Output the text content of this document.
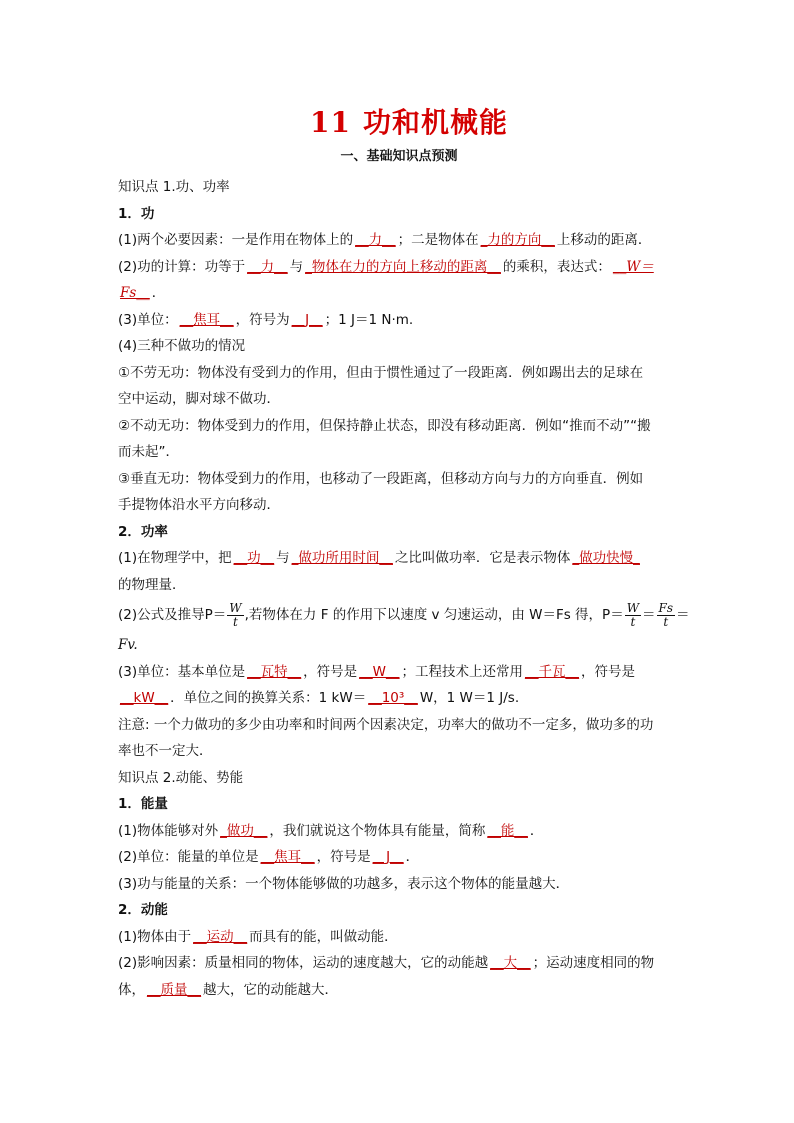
11 功和机械能
一、基础知识点预测
知识点 1.功、功率
1．功
(1)两个必要因素：一是作用在物体上的 __力__ ；二是物体在 _力的方向__ 上移动的距离．
(2)功的计算：功等于 __力__ 与 _物体在力的方向上移动的距离__ 的乘积，表达式： __W＝
Fs__ ．
(3)单位： __焦耳__ ，符号为 __J__ ；1 J＝1 N·m.
(4)三种不做功的情况
①不劳无功：物体没有受到力的作用，但由于惯性通过了一段距离．例如踢出去的足球在
空中运动，脚对球不做功．
②不动无功：物体受到力的作用，但保持静止状态，即没有移动距离．例如“推而不动”“搬
而未起”．
③垂直无功：物体受到力的作用，也移动了一段距离，但移动方向与力的方向垂直．例如
手提物体沿水平方向移动．
2．功率
(1)在物理学中，把 __功__ 与 _做功所用时间__ 之比叫做功率．它是表示物体 _做功快慢_
的物理量．
(2)公式及推导$P= \frac{W}{t}$ ,若物体在力 F 的作用下以速度 v 匀速运动，由 W＝Fs 得，$P= \frac{W}{t} = \frac{Fs}{t}$ ＝
Fv.
(3)单位：基本单位是 __瓦特__ ，符号是 __W__ ；工程技术上还常用 __千瓦__ ，符号是
__kW__ ．单位之间的换算关系：1 kW＝ __10³__ W，1 W＝1 J/s.
注意: 一个力做功的多少由功率和时间两个因素决定，功率大的做功不一定多，做功多的功
率也不一定大．
知识点 2.动能、势能
1．能量
(1)物体能够对外 _做功__ ，我们就说这个物体具有能量，简称 __能__ ．
(2)单位：能量的单位是 __焦耳__ ，符号是 __J__ ．
(3)功与能量的关系：一个物体能够做的功越多，表示这个物体的能量越大．
2．动能
(1)物体由于 __运动__ 而具有的能，叫做动能．
(2)影响因素：质量相同的物体，运动的速度越大，它的动能越 __大__ ；运动速度相同的物
体， __质量__ 越大，它的动能越大．
